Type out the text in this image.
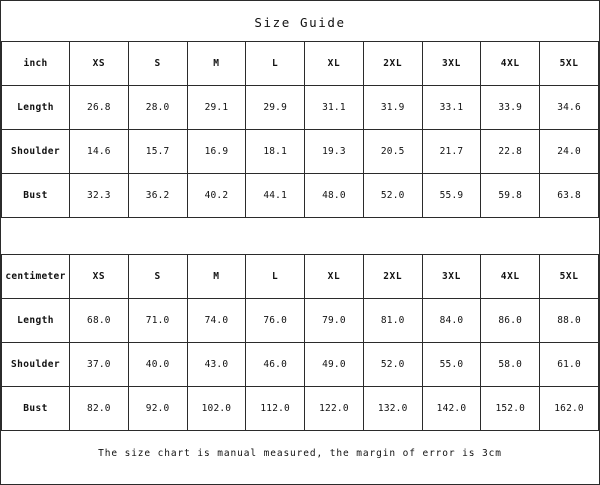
Size Guide
inch	XS	S	M	L	XL	2XL	3XL	4XL	5XL
Length	26.8	28.0	29.1	29.9	31.1	31.9	33.1	33.9	34.6
Shoulder	14.6	15.7	16.9	18.1	19.3	20.5	21.7	22.8	24.0
Bust	32.3	36.2	40.2	44.1	48.0	52.0	55.9	59.8	63.8
centimeter	XS	S	M	L	XL	2XL	3XL	4XL	5XL
Length	68.0	71.0	74.0	76.0	79.0	81.0	84.0	86.0	88.0
Shoulder	37.0	40.0	43.0	46.0	49.0	52.0	55.0	58.0	61.0
Bust	82.0	92.0	102.0	112.0	122.0	132.0	142.0	152.0	162.0
The size chart is manual measured, the margin of error is 3cm
